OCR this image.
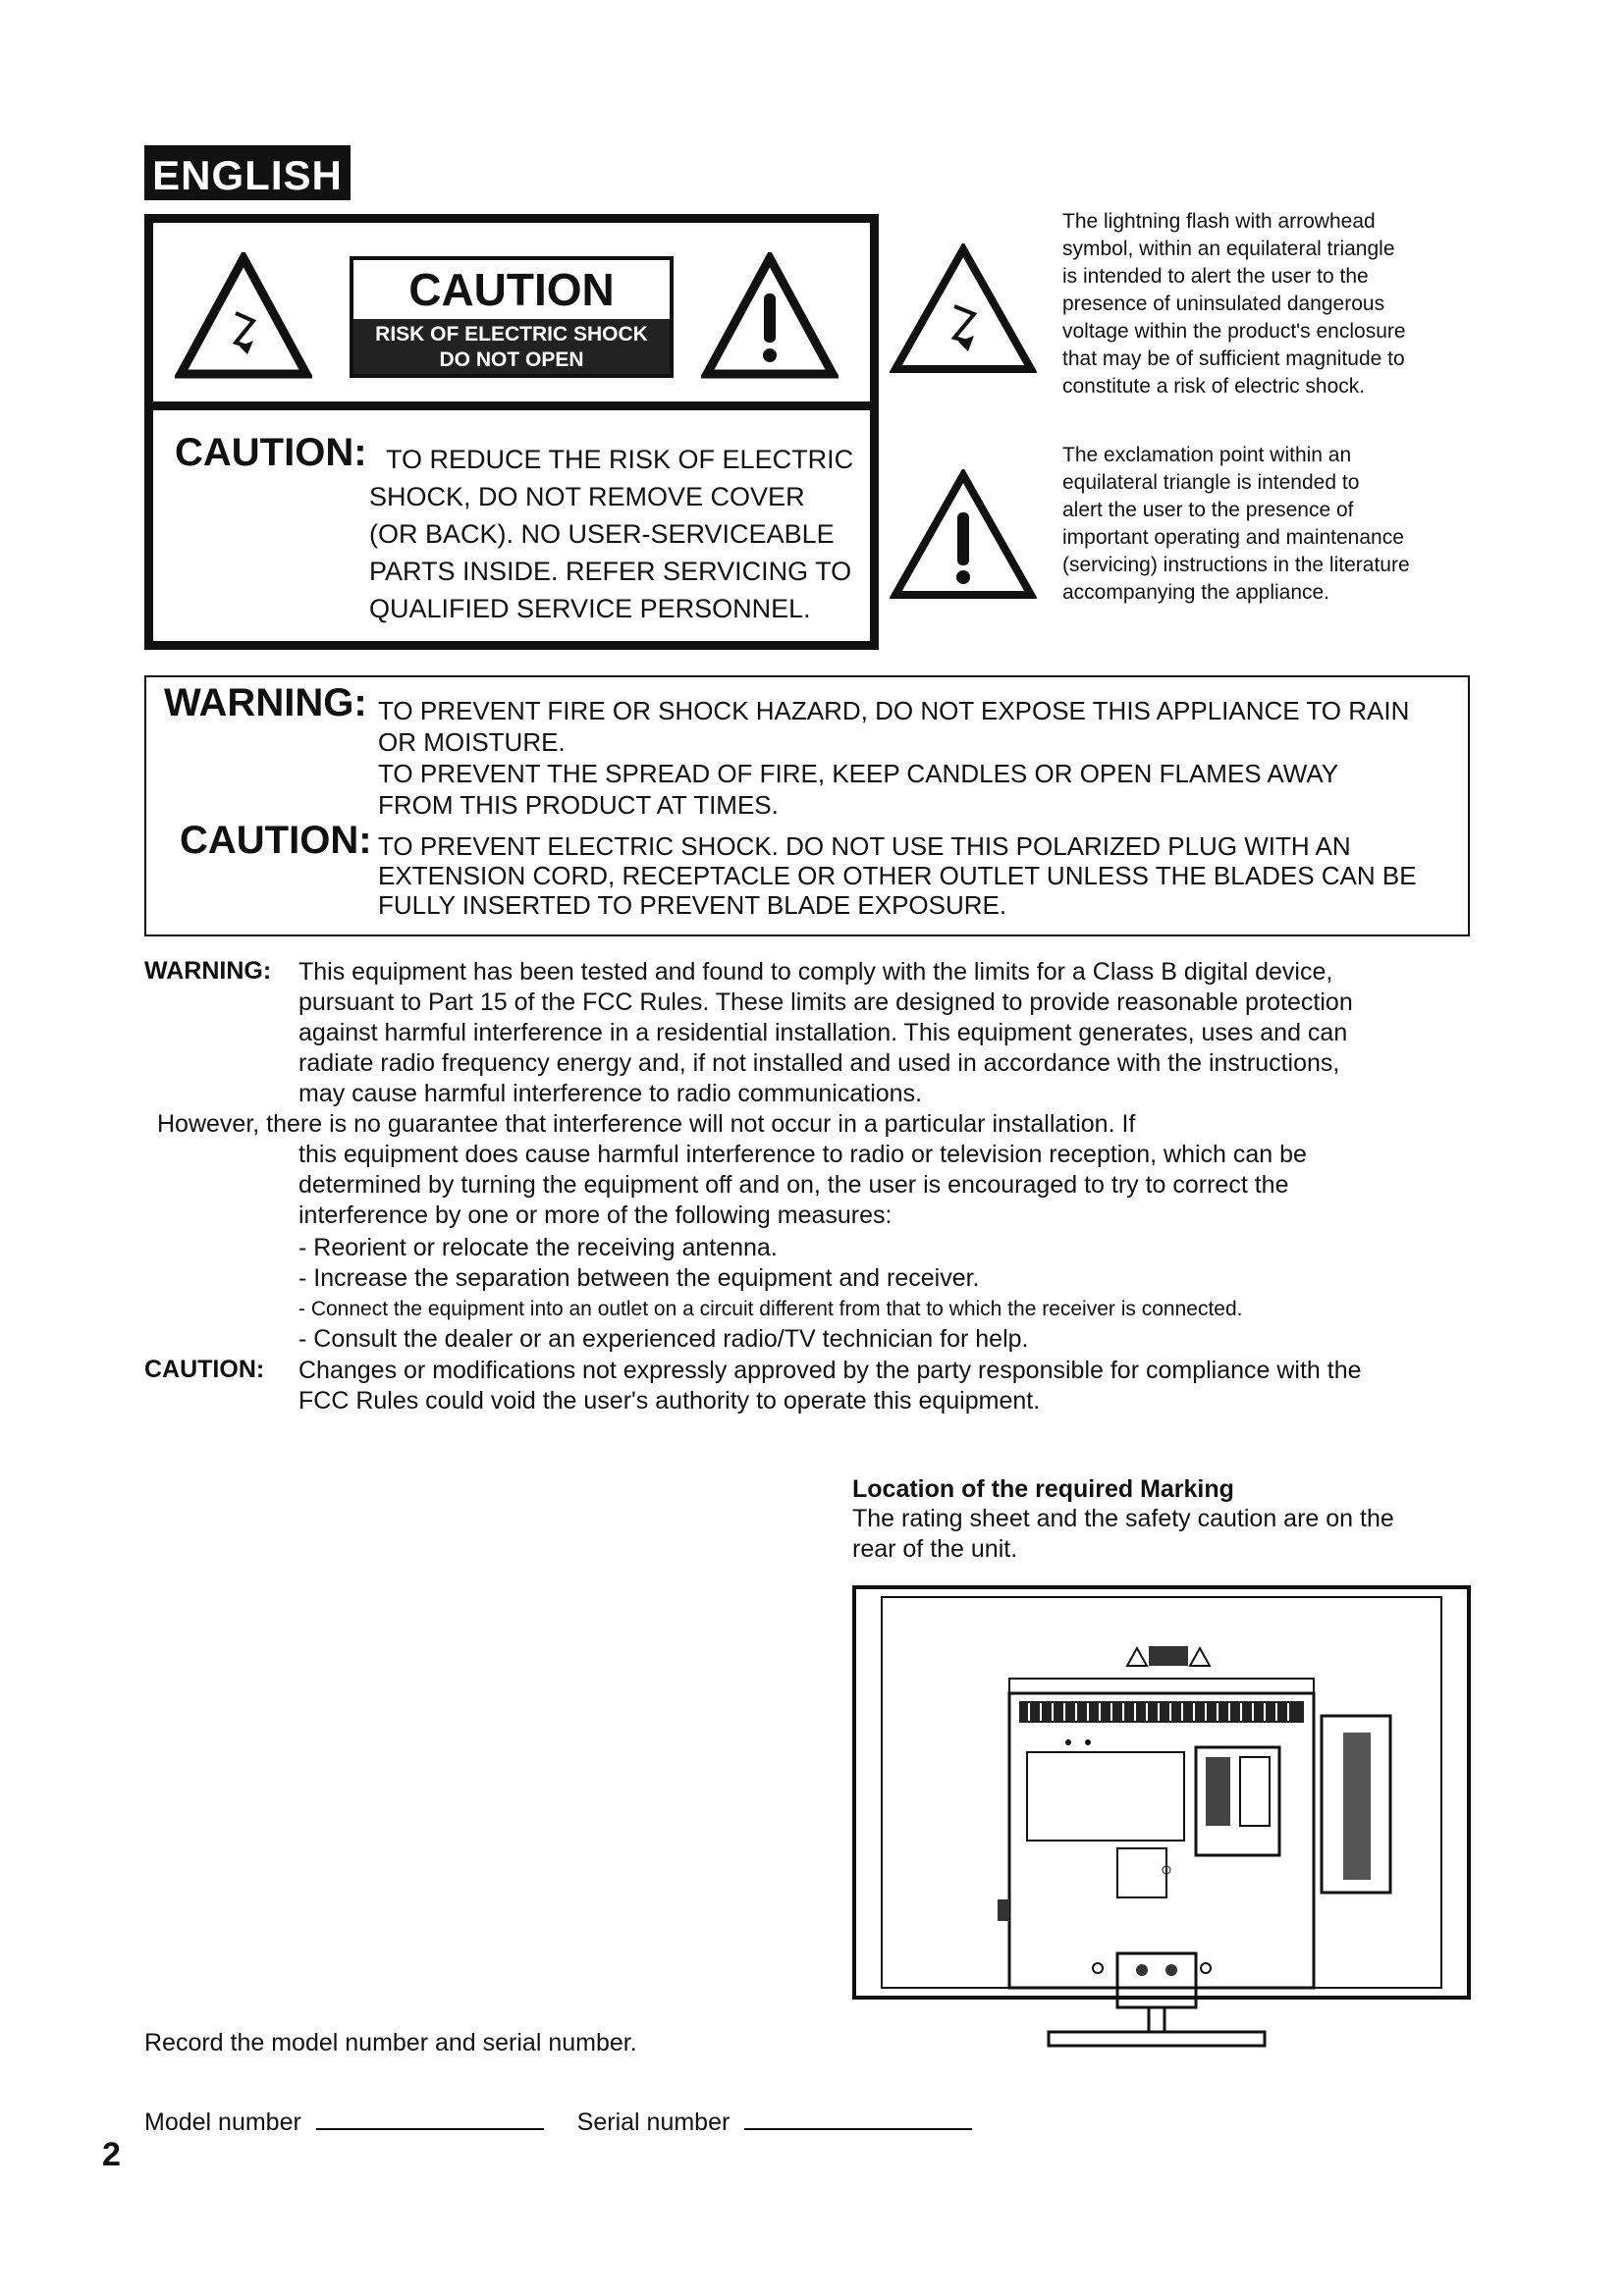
ENGLISH
CAUTION
RISK OF ELECTRIC SHOCK
DO NOT OPEN
CAUTION: TO REDUCE THE RISK OF ELECTRIC
SHOCK, DO NOT REMOVE COVER
(OR BACK). NO USER-SERVICEABLE
PARTS INSIDE. REFER SERVICING TO
QUALIFIED SERVICE PERSONNEL.
The lightning flash with arrowhead
symbol, within an equilateral triangle
is intended to alert the user to the
presence of uninsulated dangerous
voltage within the product's enclosure
that may be of sufficient magnitude to
constitute a risk of electric shock.
The exclamation point within an
equilateral triangle is intended to
alert the user to the presence of
important operating and maintenance
(servicing) instructions in the literature
accompanying the appliance.
WARNING: TO PREVENT FIRE OR SHOCK HAZARD, DO NOT EXPOSE THIS APPLIANCE TO RAIN
OR MOISTURE.
TO PREVENT THE SPREAD OF FIRE, KEEP CANDLES OR OPEN FLAMES AWAY
FROM THIS PRODUCT AT TIMES.
CAUTION: TO PREVENT ELECTRIC SHOCK. DO NOT USE THIS POLARIZED PLUG WITH AN
EXTENSION CORD, RECEPTACLE OR OTHER OUTLET UNLESS THE BLADES CAN BE
FULLY INSERTED TO PREVENT BLADE EXPOSURE.
WARNING: This equipment has been tested and found to comply with the limits for a Class B digital device,
pursuant to Part 15 of the FCC Rules. These limits are designed to provide reasonable protection
against harmful interference in a residential installation. This equipment generates, uses and can
radiate radio frequency energy and, if not installed and used in accordance with the instructions,
may cause harmful interference to radio communications.
However, there is no guarantee that interference will not occur in a particular installation. If
this equipment does cause harmful interference to radio or television reception, which can be
determined by turning the equipment off and on, the user is encouraged to try to correct the
interference by one or more of the following measures:
- Reorient or relocate the receiving antenna.
- Increase the separation between the equipment and receiver.
- Connect the equipment into an outlet on a circuit different from that to which the receiver is connected.
- Consult the dealer or an experienced radio/TV technician for help.
CAUTION: Changes or modifications not expressly approved by the party responsible for compliance with the
FCC Rules could void the user's authority to operate this equipment.
Location of the required Marking
The rating sheet and the safety caution are on the
rear of the unit.
Record the model number and serial number.
Model number	Serial number
2
